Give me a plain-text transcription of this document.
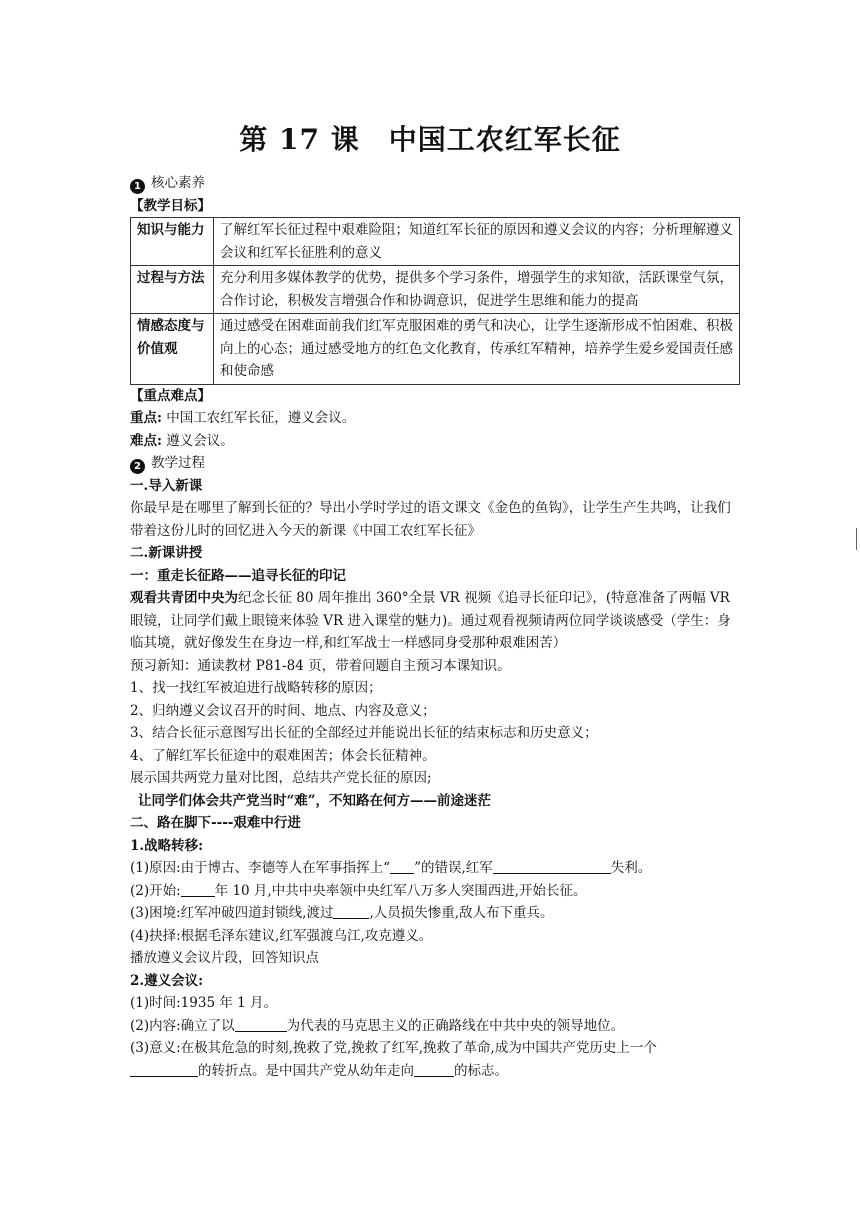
第 17 课　中国工农红军长征
1 核心素养
【教学目标】
知识与能力	了解红军长征过程中艰难险阻；知道红军长征的原因和遵义会议的内容；分析理解遵义会议和红军长征胜利的意义
过程与方法	充分利用多媒体教学的优势，提供多个学习条件，增强学生的求知欲，活跃课堂气氛，合作讨论，积极发言增强合作和协调意识，促进学生思维和能力的提高
情感态度与价值观	通过感受在困难面前我们红军克服困难的勇气和决心，让学生逐渐形成不怕困难、积极向上的心态；通过感受地方的红色文化教育，传承红军精神，培养学生爱乡爱国责任感和使命感
【重点难点】
重点: 中国工农红军长征，遵义会议。
难点: 遵义会议。
2 教学过程
一.导入新课
你最早是在哪里了解到长征的？导出小学时学过的语文课文《金色的鱼钩》，让学生产生共鸣，让我们带着这份儿时的回忆进入今天的新课《中国工农红军长征》
二.新课讲授
一：重走长征路——追寻长征的印记
观看共青团中央为纪念长征 80 周年推出 360°全景 VR 视频《追寻长征印记》，(特意准备了两幅 VR 眼镜，让同学们戴上眼镜来体验 VR 进入课堂的魅力)。通过观看视频请两位同学谈谈感受（学生：身临其境，就好像发生在身边一样,和红军战士一样感同身受那种艰难困苦）
预习新知：通读教材 P81-84 页，带着问题自主预习本课知识。
1、找一找红军被迫进行战略转移的原因；
2、归纳遵义会议召开的时间、地点、内容及意义；
3、结合长征示意图写出长征的全部经过并能说出长征的结束标志和历史意义；
4、了解红军长征途中的艰难困苦；体会长征精神。
展示国共两党力量对比图，总结共产党长征的原因;
让同学们体会共产党当时“难”，不知路在何方——前途迷茫
二、路在脚下----艰难中行进
1.战略转移:
(1)原因:由于博古、李德等人在军事指挥上“ ”的错误,红军	失利。
(2)开始:	年 10 月,中共中央率领中央红军八万多人突围西进,开始长征。
(3)困境:红军冲破四道封锁线,渡过	,人员损失惨重,敌人布下重兵。
(4)抉择:根据毛泽东建议,红军强渡乌江,攻克遵义。
播放遵义会议片段，回答知识点
2.遵义会议:
(1)时间:1935 年 1 月。
(2)内容:确立了以	为代表的马克思主义的正确路线在中共中央的领导地位。
(3)意义:在极其危急的时刻,挽救了党,挽救了红军,挽救了革命,成为中国共产党历史上一个
的转折点。是中国共产党从幼年走向	的标志。
